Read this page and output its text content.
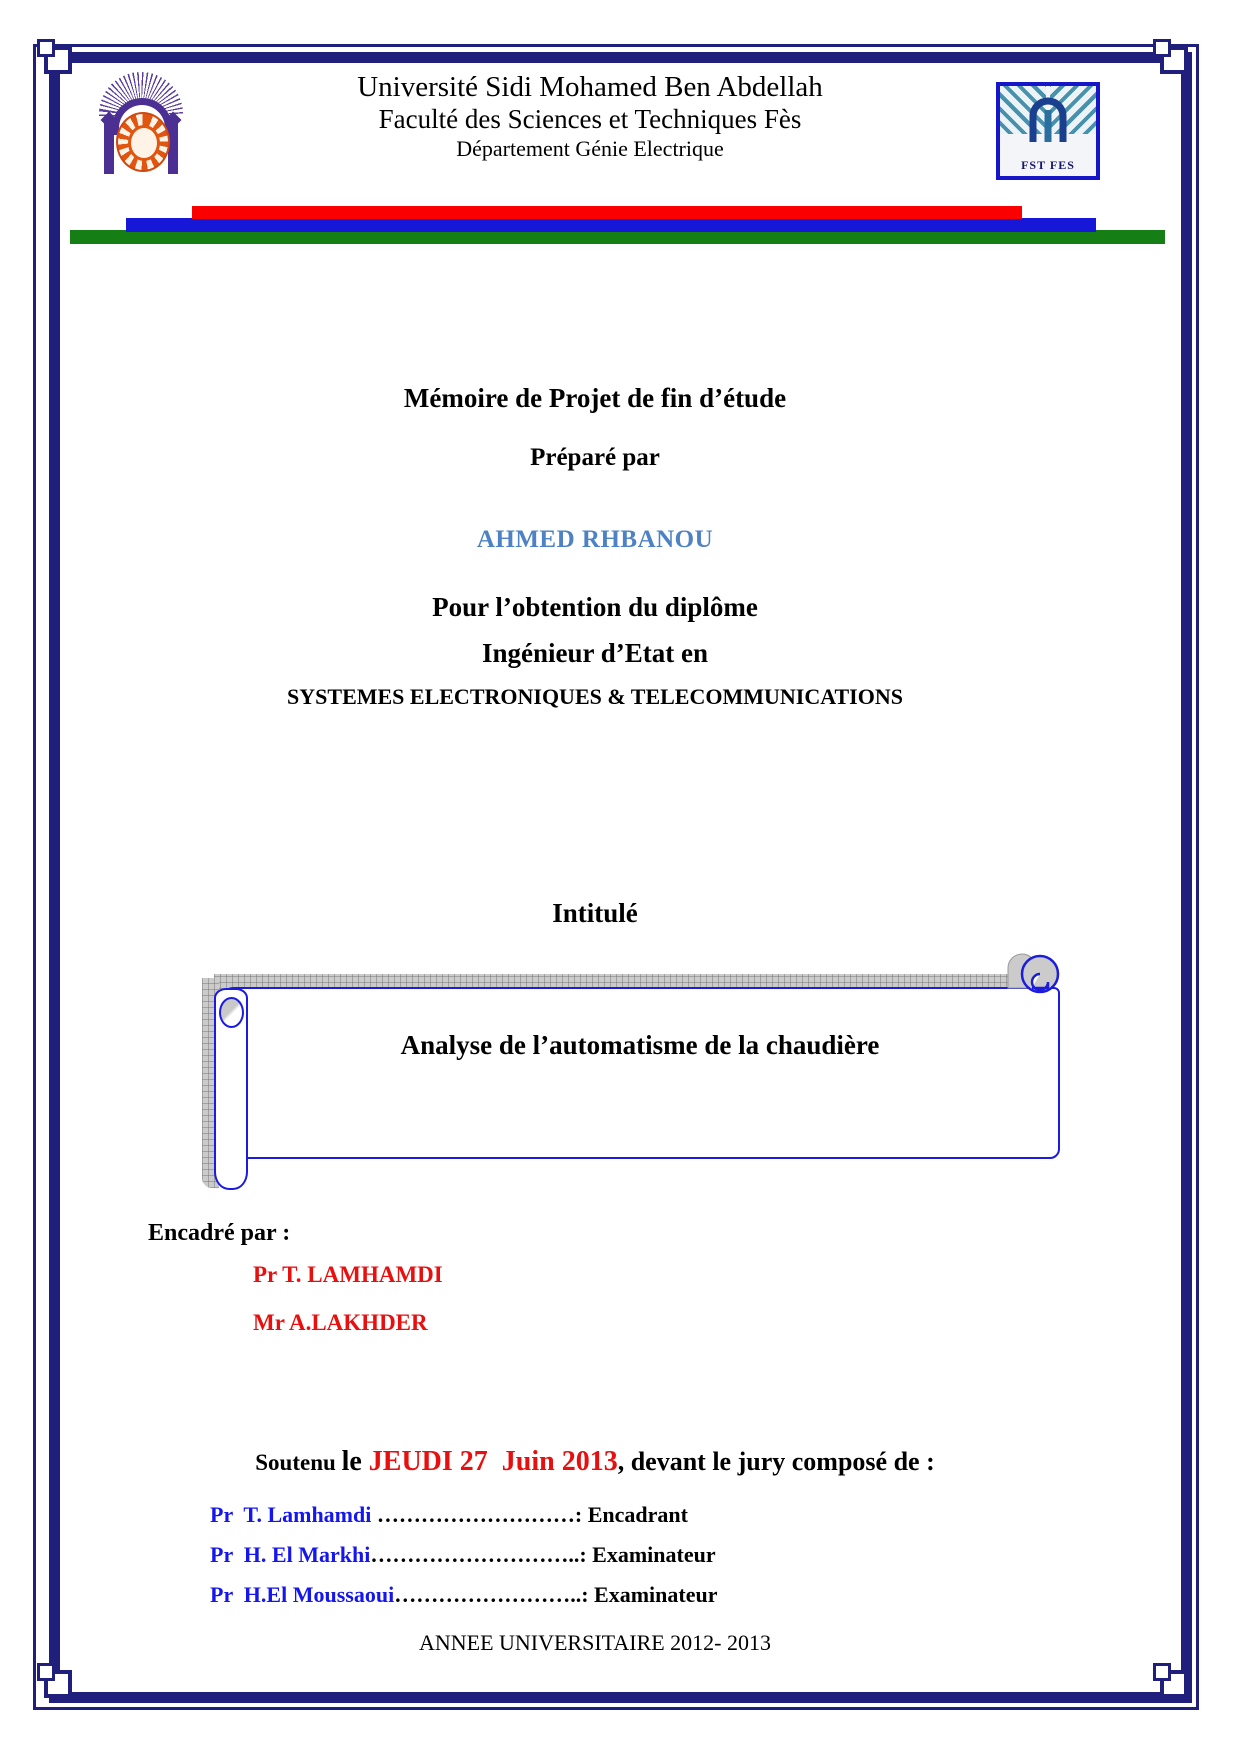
Université Sidi Mohamed Ben Abdellah
Faculté des Sciences et Techniques Fès
Département Génie Electrique
FST FES
Mémoire de Projet de fin d’étude
Préparé par
AHMED RHBANOU
Pour l’obtention du diplôme
Ingénieur d’Etat en
SYSTEMES ELECTRONIQUES & TELECOMMUNICATIONS
Intitulé
Analyse de l’automatisme de la chaudière
Encadré par :
Pr T. LAMHAMDI
Mr A.LAKHDER
Soutenu le JEUDI 27  Juin 2013, devant le jury composé de :
Pr  T. Lamhamdi ………………………: Encadrant
Pr  H. El Markhi………………………..: Examinateur
Pr  H.El Moussaoui……………………..: Examinateur
ANNEE UNIVERSITAIRE 2012- 2013
